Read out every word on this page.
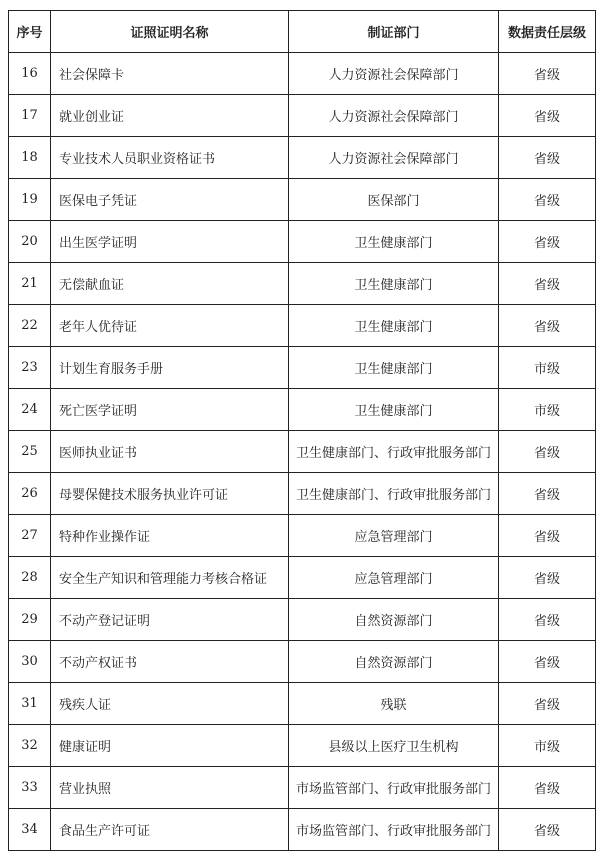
序号	证照证明名称	制证部门	数据责任层级
16	社会保障卡	人力资源社会保障部门	省级
17	就业创业证	人力资源社会保障部门	省级
18	专业技术人员职业资格证书	人力资源社会保障部门	省级
19	医保电子凭证	医保部门	省级
20	出生医学证明	卫生健康部门	省级
21	无偿献血证	卫生健康部门	省级
22	老年人优待证	卫生健康部门	省级
23	计划生育服务手册	卫生健康部门	市级
24	死亡医学证明	卫生健康部门	市级
25	医师执业证书	卫生健康部门、行政审批服务部门	省级
26	母婴保健技术服务执业许可证	卫生健康部门、行政审批服务部门	省级
27	特种作业操作证	应急管理部门	省级
28	安全生产知识和管理能力考核合格证	应急管理部门	省级
29	不动产登记证明	自然资源部门	省级
30	不动产权证书	自然资源部门	省级
31	残疾人证	残联	省级
32	健康证明	县级以上医疗卫生机构	市级
33	营业执照	市场监管部门、行政审批服务部门	省级
34	食品生产许可证	市场监管部门、行政审批服务部门	省级
